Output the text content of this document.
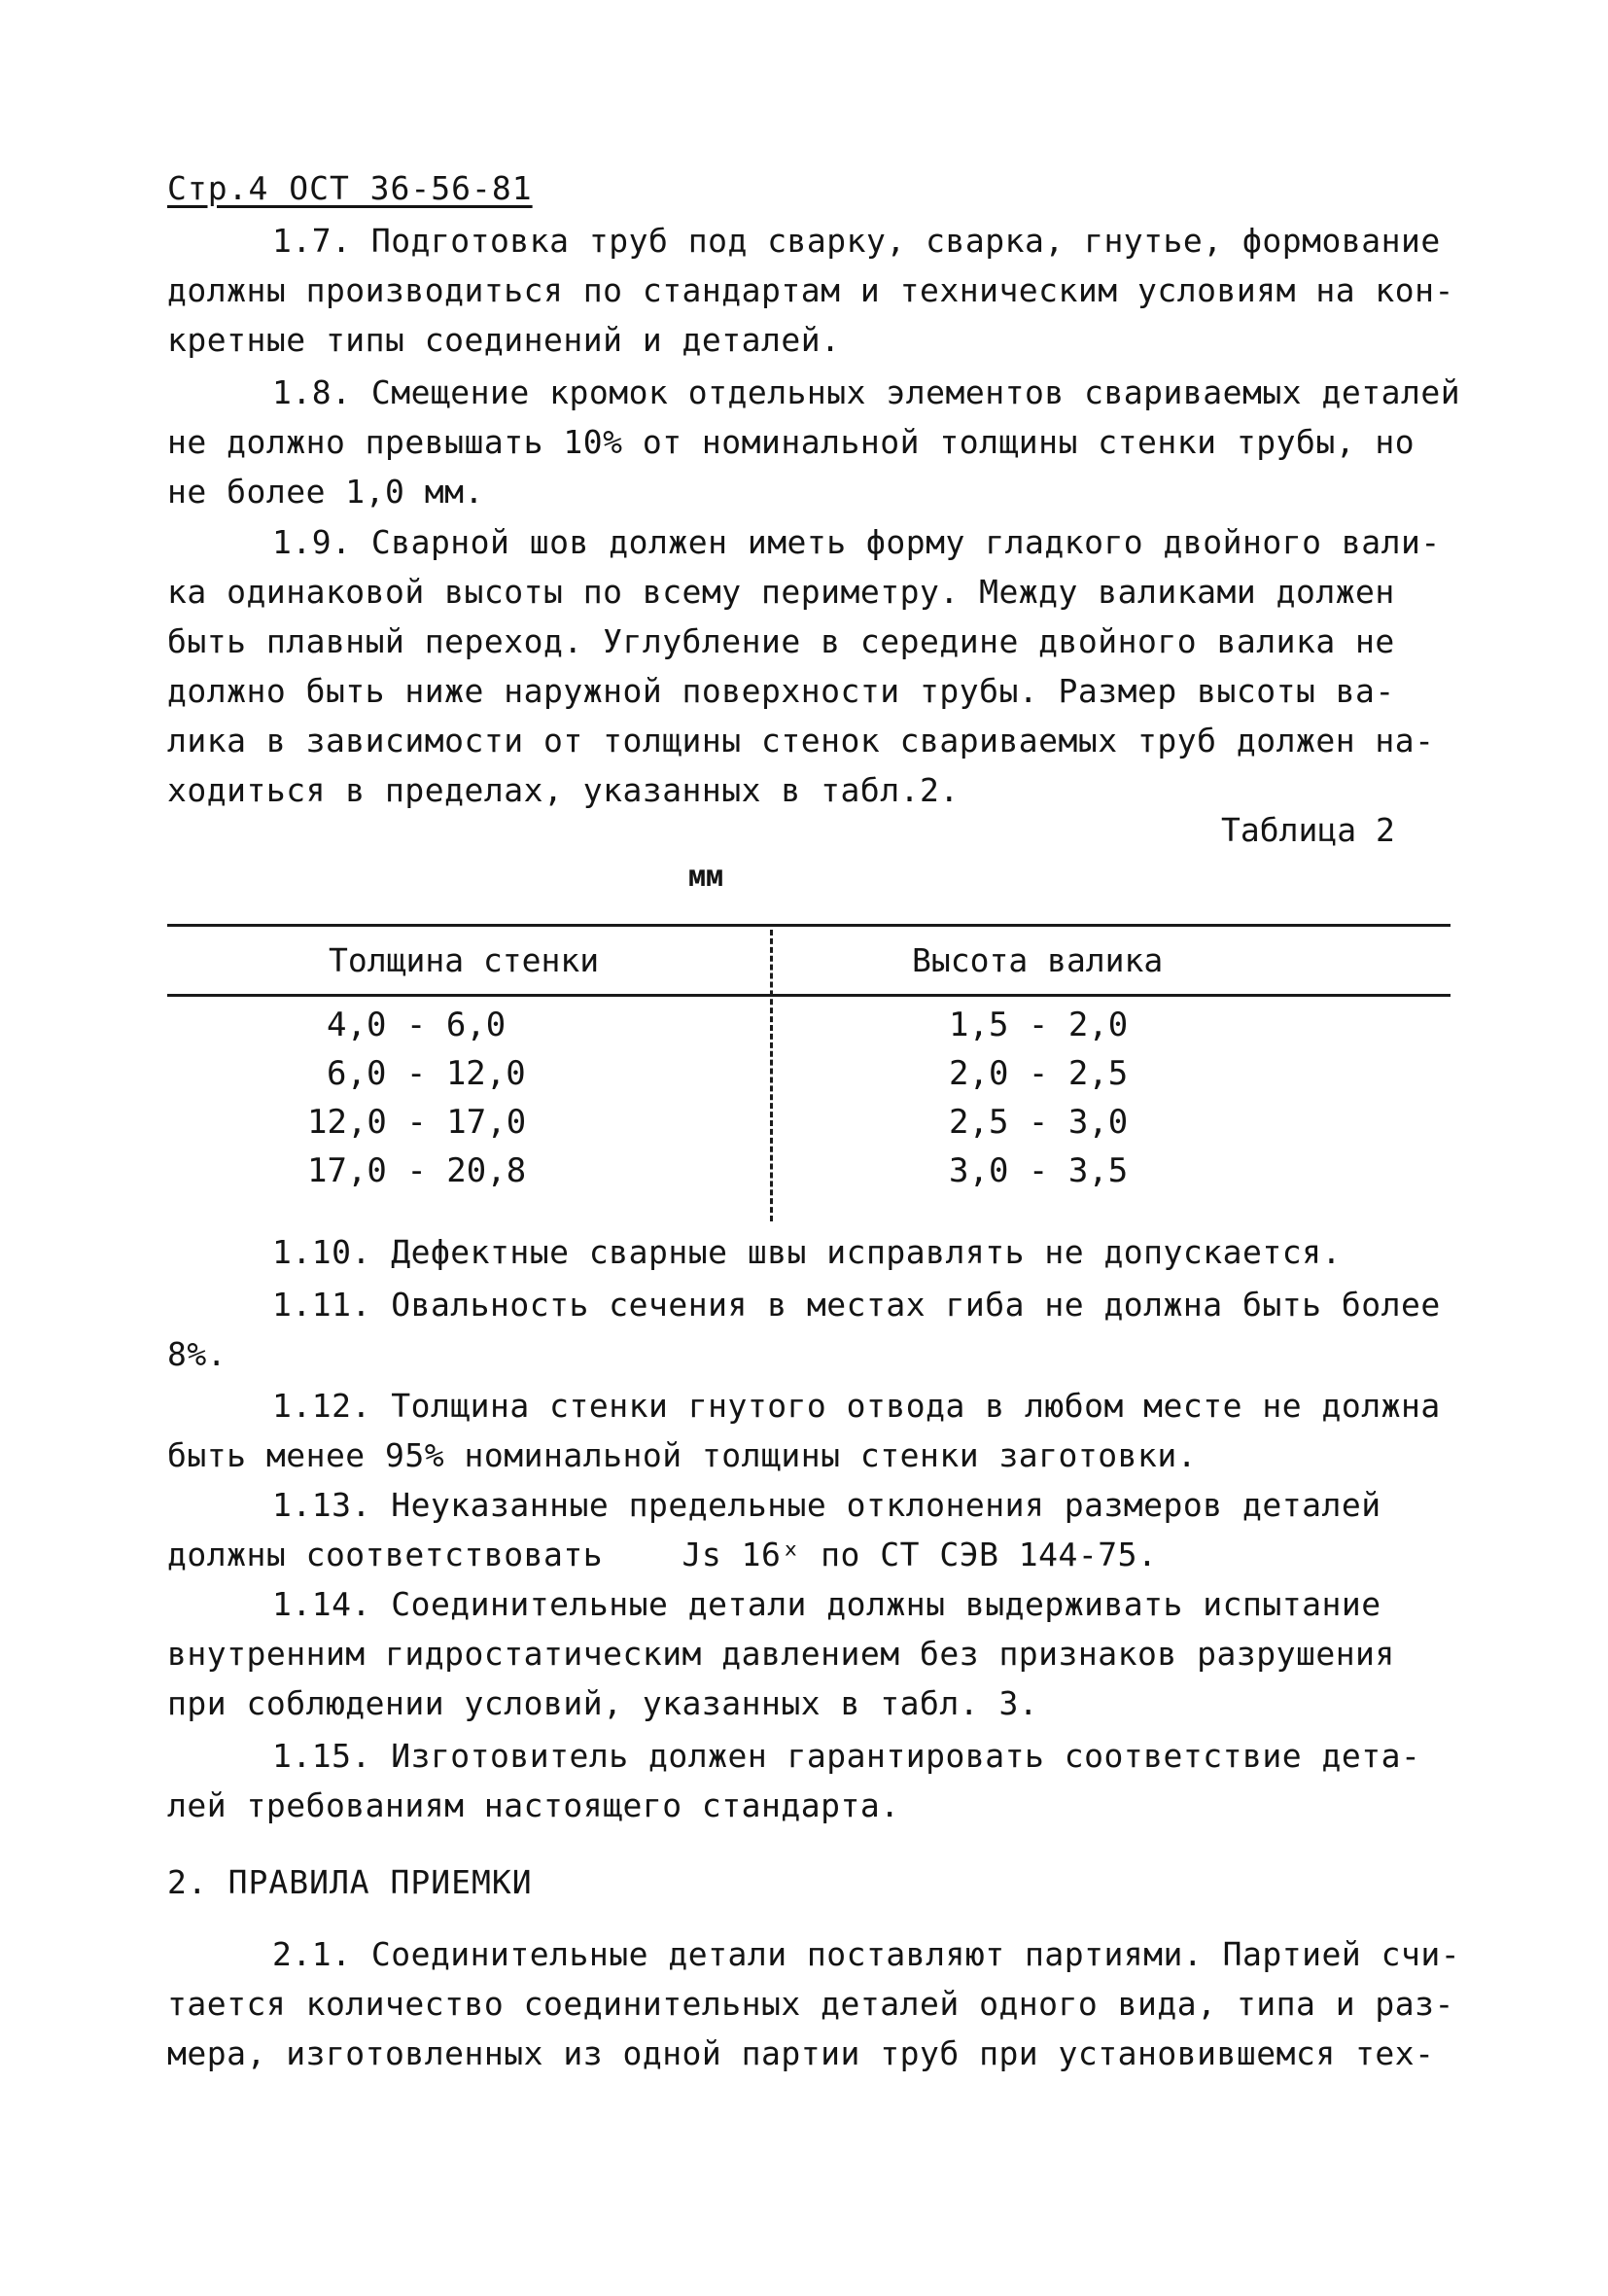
Стр.4 ОСТ 36-56-81
1.7. Подготовка труб под сварку, сварка, гнутье, формование
должны производиться по стандартам и техническим условиям на кон-
кретные типы соединений и деталей.
1.8. Смещение кромок отдельных элементов свариваемых деталей
не должно превышать 10% от номинальной толщины стенки трубы, но
не более 1,0 мм.
1.9. Сварной шов должен иметь форму гладкого двойного вали-
ка одинаковой высоты по всему периметру. Между валиками должен
быть плавный переход. Углубление в середине двойного валика не
должно быть ниже наружной поверхности трубы. Размер высоты ва-
лика в зависимости от толщины стенок свариваемых труб должен на-
ходиться в пределах, указанных в табл.2.
Таблица 2
мм
Толщина стенки	Высота валика
4,0 - 6,0	1,5 - 2,0
6,0 - 12,0	2,0 - 2,5
12,0 - 17,0	2,5 - 3,0
17,0 - 20,8	3,0 - 3,5
1.10. Дефектные сварные швы исправлять не допускается.
1.11. Овальность сечения в местах гиба не должна быть более
8%.
1.12. Толщина стенки гнутого отвода в любом месте не должна
быть менее 95% номинальной толщины стенки заготовки.
1.13. Неуказанные предельные отклонения размеров деталей
должны соответствовать    Js 16ˣ по СТ СЭВ 144-75.
1.14. Соединительные детали должны выдерживать испытание
внутренним гидростатическим давлением без признаков разрушения
при соблюдении условий, указанных в табл. 3.
1.15. Изготовитель должен гарантировать соответствие дета-
лей требованиям настоящего стандарта.
2. ПРАВИЛА ПРИЕМКИ
2.1. Соединительные детали поставляют партиями. Партией счи-
тается количество соединительных деталей одного вида, типа и раз-
мера, изготовленных из одной партии труб при установившемся тех-
